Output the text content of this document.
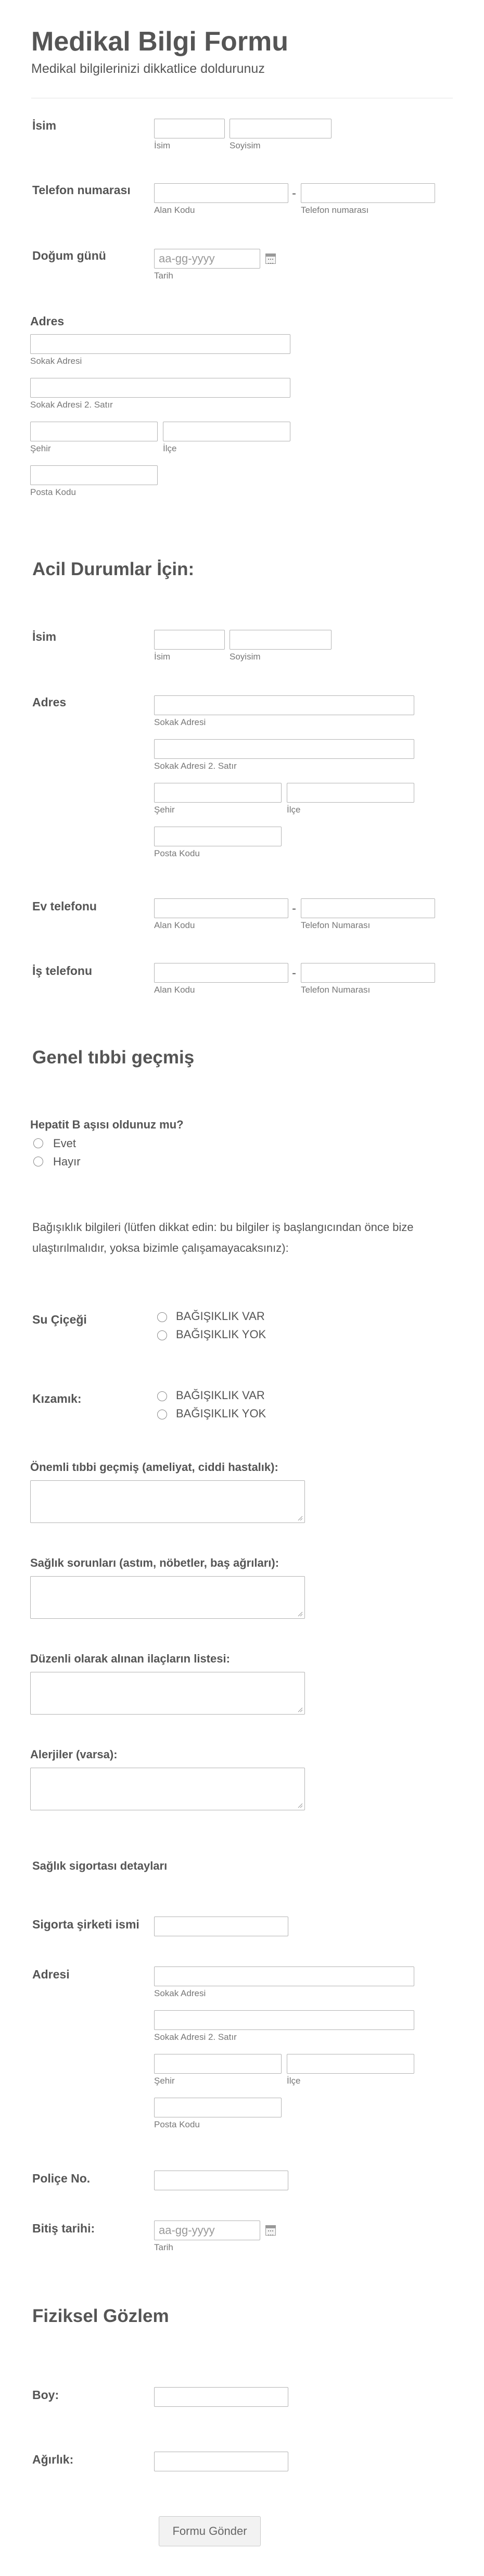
Medikal Bilgi Formu
Medikal bilgilerinizi dikkatlice doldurunuz
İsim
İsim	Soyisim
Telefon numarası	-
Alan Kodu	Telefon numarası
Doğum günü	aa-gg-yyyy
Tarih
Adres
Sokak Adresi
Sokak Adresi 2. Satır
Şehir	İlçe
Posta Kodu
Acil Durumlar İçin:
İsim
İsim	Soyisim
Adres
Sokak Adresi
Sokak Adresi 2. Satır
Şehir	İlçe
Posta Kodu
Ev telefonu	-
Alan Kodu	Telefon Numarası
İş telefonu	-
Alan Kodu	Telefon Numarası
Genel tıbbi geçmiş
Hepatit B aşısı oldunuz mu?
Evet
Hayır
Bağışıklık bilgileri (lütfen dikkat edin: bu bilgiler iş başlangıcından önce bize ulaştırılmalıdır, yoksa bizimle çalışamayacaksınız):
Su Çiçeği	BAĞIŞIKLIK VAR
BAĞIŞIKLIK YOK
Kızamık:	BAĞIŞIKLIK VAR
BAĞIŞIKLIK YOK
Önemli tıbbi geçmiş (ameliyat, ciddi hastalık):
Sağlık sorunları (astım, nöbetler, baş ağrıları):
Düzenli olarak alınan ilaçların listesi:
Alerjiler (varsa):
Sağlık sigortası detayları
Sigorta şirketi ismi
Adresi
Sokak Adresi
Sokak Adresi 2. Satır
Şehir	İlçe
Posta Kodu
Poliçe No.
Bitiş tarihi:	aa-gg-yyyy
Tarih
Fiziksel Gözlem
Boy:
Ağırlık:
Formu Gönder
